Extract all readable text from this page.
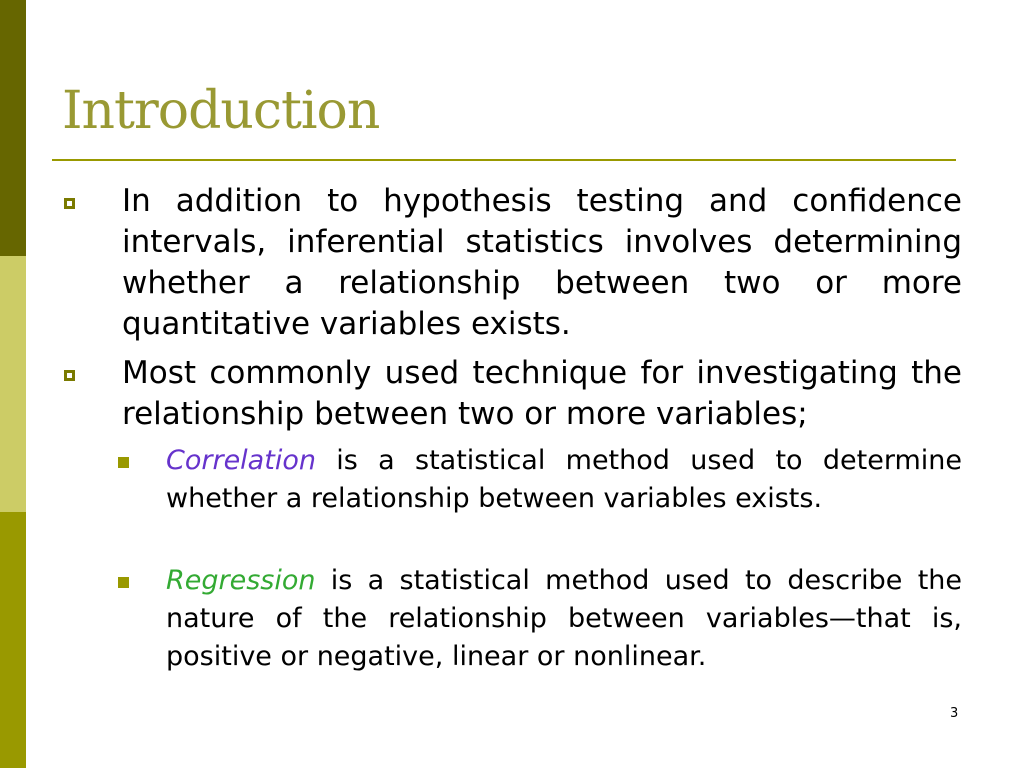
Introduction

In addition to hypothesis testing and confidence intervals, inferential statistics involves determining whether a relationship between two or more quantitative variables exists.

Most commonly used technique for investigating the relationship between two or more variables;

Correlation is a statistical method used to determine whether a relationship between variables exists.

Regression is a statistical method used to describe the nature of the relationship between variables—that is, positive or negative, linear or nonlinear.

3
